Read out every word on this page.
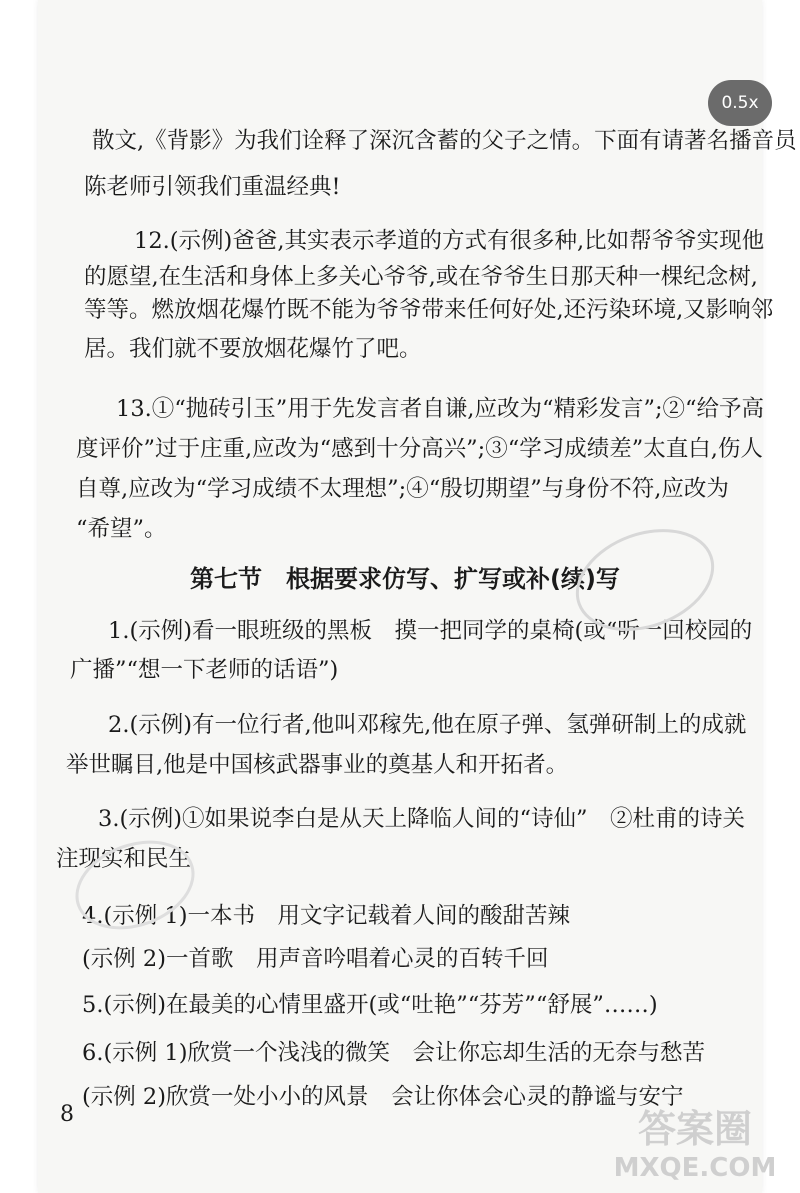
散文,《背影》为我们诠释了深沉含蓄的父子之情。下面有请著名播音员
陈老师引领我们重温经典!
12.(示例)爸爸,其实表示孝道的方式有很多种,比如帮爷爷实现他
的愿望,在生活和身体上多关心爷爷,或在爷爷生日那天种一棵纪念树,
等等。燃放烟花爆竹既不能为爷爷带来任何好处,还污染环境,又影响邻
居。我们就不要放烟花爆竹了吧。
13.①“抛砖引玉”用于先发言者自谦,应改为“精彩发言”;②“给予高
度评价”过于庄重,应改为“感到十分高兴”;③“学习成绩差”太直白,伤人
自尊,应改为“学习成绩不太理想”;④“殷切期望”与身份不符,应改为
“希望”。
第七节　根据要求仿写、扩写或补(续)写
1.(示例)看一眼班级的黑板　摸一把同学的桌椅(或“听一回校园的
广播”“想一下老师的话语”)
2.(示例)有一位行者,他叫邓稼先,他在原子弹、氢弹研制上的成就
举世瞩目,他是中国核武器事业的奠基人和开拓者。
3.(示例)①如果说李白是从天上降临人间的“诗仙”　②杜甫的诗关
注现实和民生
4.(示例 1)一本书　用文字记载着人间的酸甜苦辣
(示例 2)一首歌　用声音吟唱着心灵的百转千回
5.(示例)在最美的心情里盛开(或“吐艳”“芬芳”“舒展”……)
6.(示例 1)欣赏一个浅浅的微笑　会让你忘却生活的无奈与愁苦
(示例 2)欣赏一处小小的风景　会让你体会心灵的静谧与安宁
8	答案圈
MXQE.COM
0.5x
